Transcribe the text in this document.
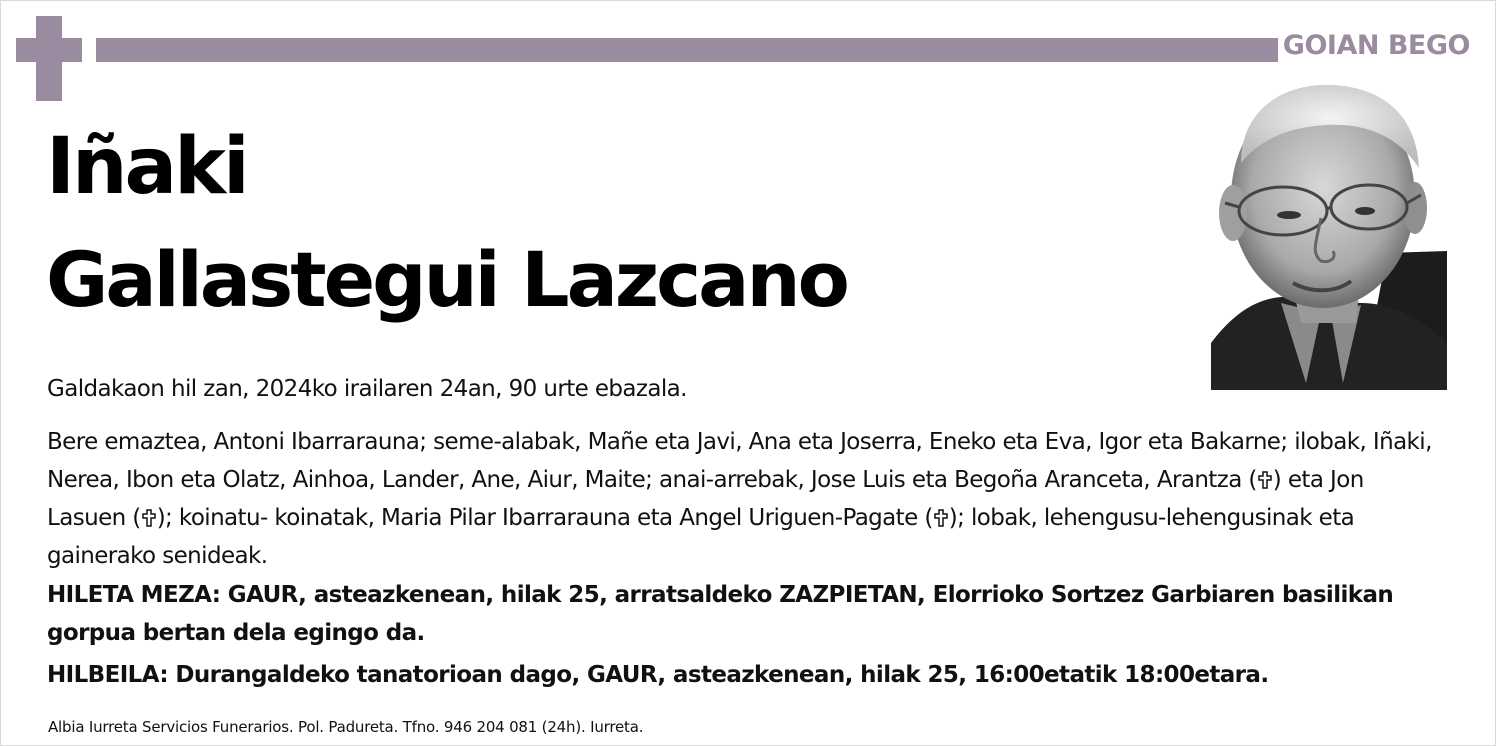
GOIAN BEGO
Iñaki
Gallastegui Lazcano
Galdakaon hil zan, 2024ko irailaren 24an, 90 urte ebazala.
Bere emaztea, Antoni Ibarrarauna; seme-alabak, Mañe eta Javi, Ana eta Joserra, Eneko eta Eva, Igor eta Bakarne; ilobak, Iñaki, Nerea, Ibon eta Olatz, Ainhoa, Lander, Ane, Aiur, Maite; anai-arrebak, Jose Luis eta Begoña Aranceta, Arantza ( ) eta Jon Lasuen ( ); koinatu- koinatak, Maria Pilar Ibarrarauna eta Angel Uriguen-Pagate ( ); lobak, lehengusu-lehengusinak eta gainerako senideak.
HILETA MEZA: GAUR, asteazkenean, hilak 25, arratsaldeko ZAZPIETAN, Elorrioko Sortzez Garbiaren basilikan gorpua bertan dela egingo da.
HILBEILA: Durangaldeko tanatorioan dago, GAUR, asteazkenean, hilak 25, 16:00etatik 18:00etara.
Albia Iurreta Servicios Funerarios. Pol. Padureta. Tfno. 946 204 081 (24h). Iurreta.
